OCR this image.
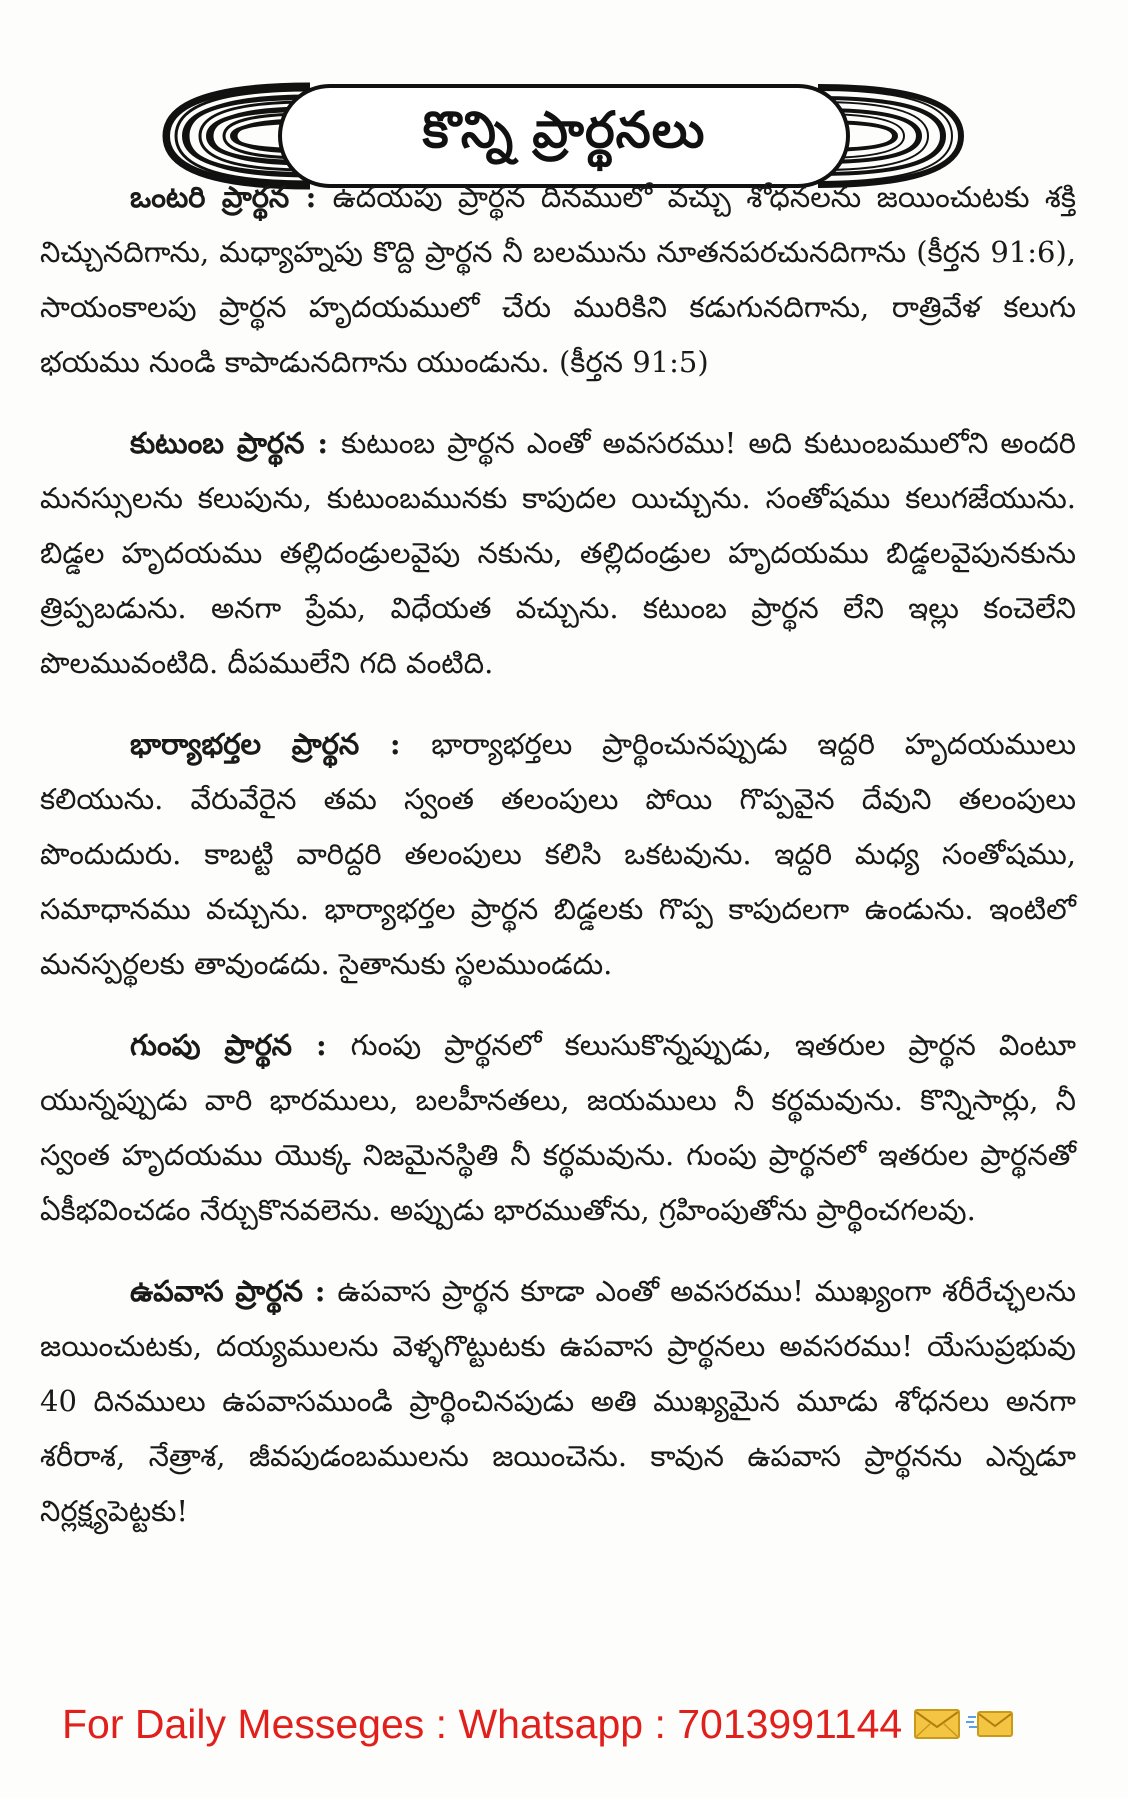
కొన్ని ప్రార్థనలు

ఒంటరి ప్రార్థన : ఉదయపు ప్రార్థన దినములో వచ్చు శోధనలను జయించుటకు శక్తి నిచ్చునదిగాను, మధ్యాహ్నపు కొద్ది ప్రార్థన నీ బలమును నూతనపరచునదిగాను (కీర్తన 91:6), సాయంకాలపు ప్రార్థన హృదయములో చేరు మురికిని కడుగునదిగాను, రాత్రివేళ కలుగు భయము నుండి కాపాడునదిగాను యుండును. (కీర్తన 91:5)

కుటుంబ ప్రార్థన : కుటుంబ ప్రార్థన ఎంతో అవసరము! అది కుటుంబములోని అందరి మనస్సులను కలుపును, కుటుంబమునకు కాపుదల యిచ్చును. సంతోషము కలుగజేయును. బిడ్డల హృదయము తల్లిదండ్రులవైపు నకును, తల్లిదండ్రుల హృదయము బిడ్డలవైపునకును త్రిప్పబడును. అనగా ప్రేమ, విధేయత వచ్చును. కటుంబ ప్రార్థన లేని ఇల్లు కంచెలేని పొలమువంటిది. దీపములేని గది వంటిది.

భార్యాభర్తల ప్రార్థన : భార్యాభర్తలు ప్రార్థించునప్పుడు ఇద్దరి హృదయములు కలియును. వేరువేరైన తమ స్వంత తలంపులు పోయి గొప్పవైన దేవుని తలంపులు పొందుదురు. కాబట్టి వారిద్దరి తలంపులు కలిసి ఒకటవును. ఇద్దరి మధ్య సంతోషము, సమాధానము వచ్చును. భార్యాభర్తల ప్రార్థన బిడ్డలకు గొప్ప కాపుదలగా ఉండును. ఇంటిలో మనస్పర్థలకు తావుండదు. సైతానుకు స్థలముండదు.

గుంపు ప్రార్థన : గుంపు ప్రార్థనలో కలుసుకొన్నప్పుడు, ఇతరుల ప్రార్థన వింటూ యున్నప్పుడు వారి భారములు, బలహీనతలు, జయములు నీ కర్థమవును. కొన్నిసార్లు, నీ స్వంత హృదయము యొక్క నిజమైనస్థితి నీ కర్థమవును. గుంపు ప్రార్థనలో ఇతరుల ప్రార్థనతో ఏకీభవించడం నేర్చుకొనవలెను. అప్పుడు భారముతోను, గ్రహింపుతోను ప్రార్థించగలవు.

ఉపవాస ప్రార్థన : ఉపవాస ప్రార్థన కూడా ఎంతో అవసరము! ముఖ్యంగా శరీరేచ్ఛలను జయించుటకు, దయ్యములను వెళ్ళగొట్టుటకు ఉపవాస ప్రార్థనలు అవసరము! యేసుప్రభువు 40 దినములు ఉపవాసముండి ప్రార్థించినపుడు అతి ముఖ్యమైన మూడు శోధనలు అనగా శరీరాశ, నేత్రాశ, జీవపుడంబములను జయించెను. కావున ఉపవాస ప్రార్థనను ఎన్నడూ నిర్లక్ష్యపెట్టకు!

For Daily Messeges : Whatsapp : 7013991144
